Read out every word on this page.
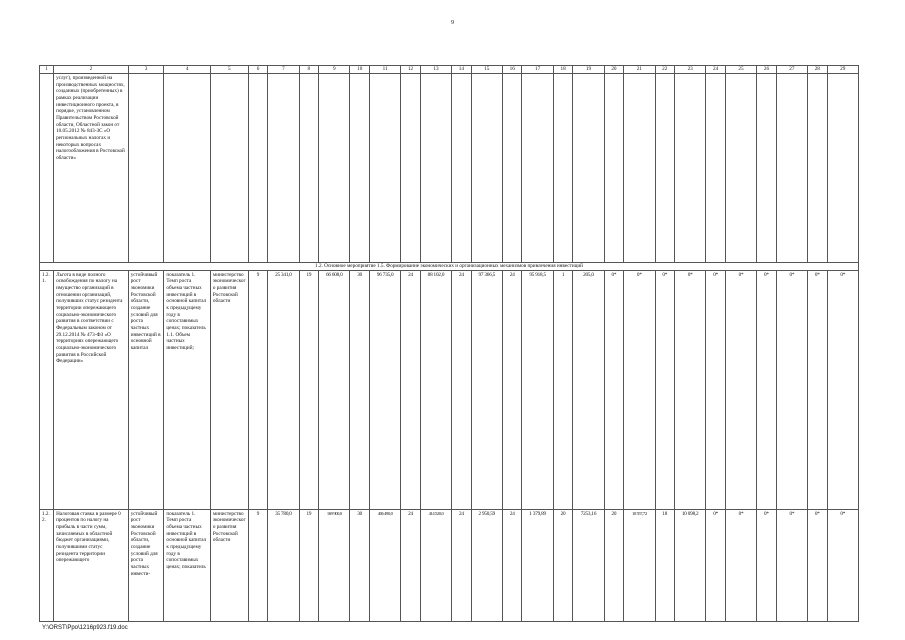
9
1	2	3	4	5	6	7	8	9	10	11	12	13	14	15	16	17	18	19	20	21	22	23	24	25	26	27	28	29
	услуг), произведенной на производственных мощностях, созданных (приобретенных) в рамках реализации инвестиционного проекта, в порядке, установленном Правительством Ростовской области, Областной закон от 10.05.2012 № 843-ЗС «О региональных налогах и некоторых вопросах налогообложения в Ростовской области»																											
1.2. Основное мероприятие 1.5. Формирование экономических и организационных механизмов привлечения инвестиций																												
1.2.1.	Льгота в виде полного освобождения по налогу на имущество организаций в отношении организаций, получивших статус резидента территории опережающего социально-экономического развития в соответствии с Федеральным законом от 29.12.2014 № 473-ФЗ «О территориях опережающего социально-экономического развития в Российской Федерации»	устойчивый рост экономики Ростовской области, создание условий для роста частных инвестиций в основной капитал	показатель 1. Темп роста объема частных инвестиций в основной капитал к предыдущему году в сопоставимых ценах; показатель 1.1. Объем частных инвестиций;	министерство экономического развития Ростовской области	9	25 341,0	19	66 608,0	30	96 735,0	24	88 102,0	24	97 366,5	24	95 918,5	1	205,0	0*	0*	0*	0*	0*	0*	0*	0*	0*	0*
1.2.2.	Налоговая ставка в размере 0 процентов по налогу на прибыль в части сумм, зачисляемых в областной бюджет организациями, получившими статус резидента территории опережающего	устойчивый рост экономики Ростовской области, создание условий для роста частных инвести-	показатель 1. Темп роста объема частных инвестиций в основной капитал к предыдущему году в сопоставимых ценах; показатель	министерство экономического развития Ростовской области	9	35 780,0	19	169 900,0	30	406 490,0	24	414 520,0	24	2 950,59	24	1 379,89	20	7253,16	20	10 557,72	18	10 098,2	0*	0*	0*	0*	0*	0*
Y:\ORST\Ppo\1216p923.f19.doc
